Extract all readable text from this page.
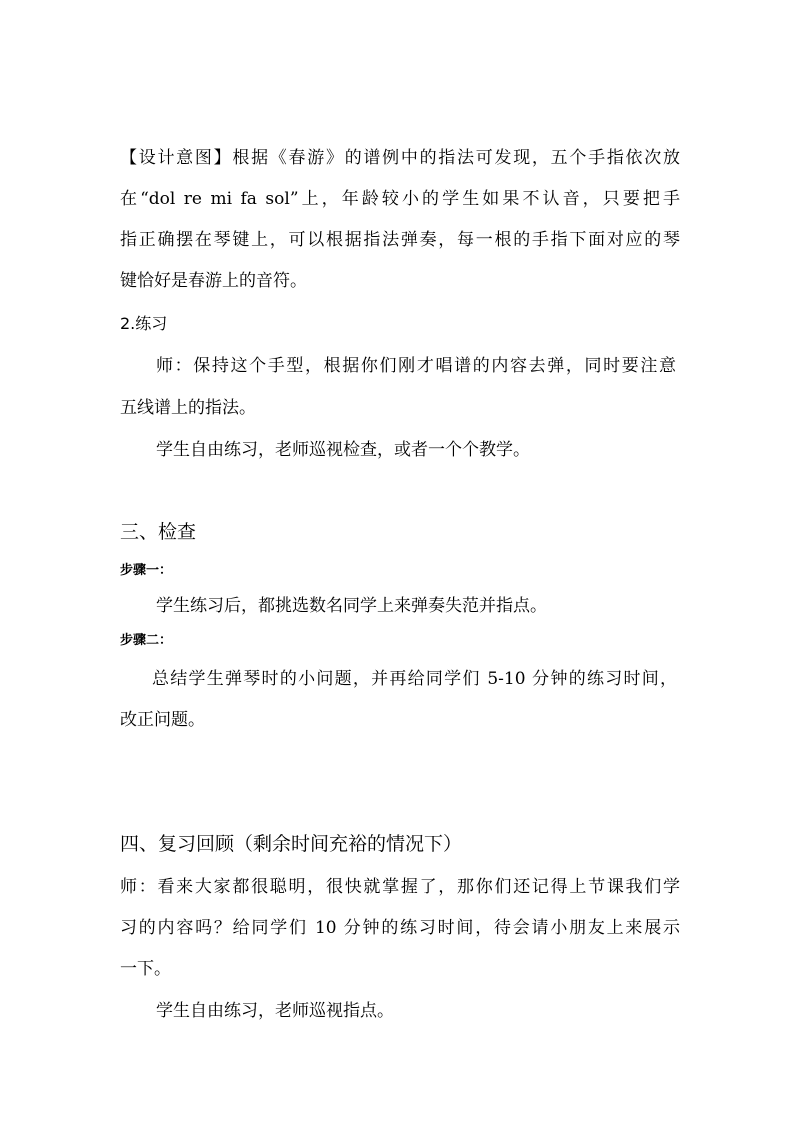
【设计意图】根据《春游》的谱例中的指法可发现，五个手指依次放
在“dol re mi fa sol”上，年龄较小的学生如果不认音，只要把手
指正确摆在琴键上，可以根据指法弹奏，每一根的手指下面对应的琴
键恰好是春游上的音符。
2.练习
师：保持这个手型，根据你们刚才唱谱的内容去弹，同时要注意
五线谱上的指法。
学生自由练习，老师巡视检查，或者一个个教学。
三、检查
步骤一：
学生练习后，都挑选数名同学上来弹奏失范并指点。
步骤二：
总结学生弹琴时的小问题，并再给同学们 5-10 分钟的练习时间，
改正问题。
四、复习回顾（剩余时间充裕的情况下）
师：看来大家都很聪明，很快就掌握了，那你们还记得上节课我们学
习的内容吗？给同学们 10 分钟的练习时间，待会请小朋友上来展示
一下。
学生自由练习，老师巡视指点。
